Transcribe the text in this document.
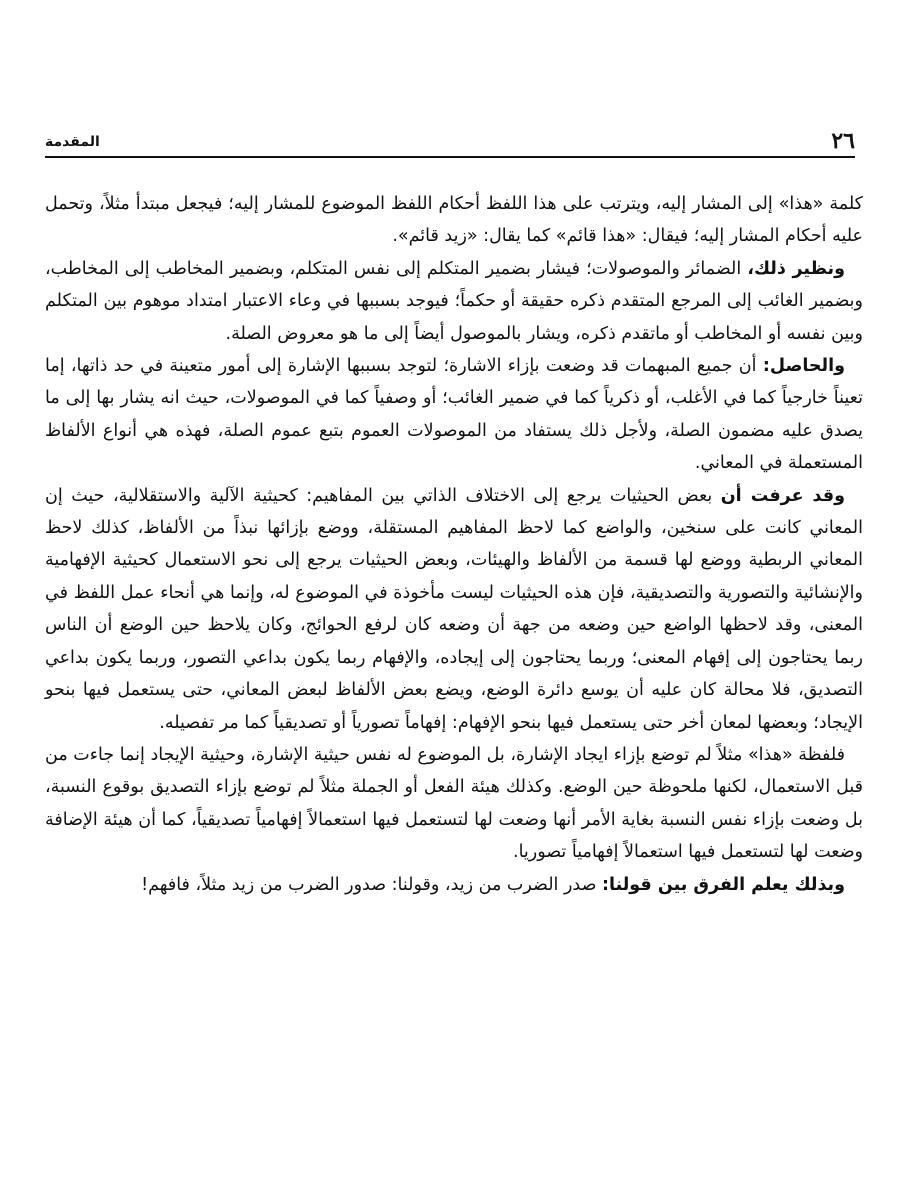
٢٦
المقدمة

كلمة «هذا» إلى المشار إليه، ويترتب على هذا اللفظ أحكام اللفظ الموضوع للمشار إليه؛ فيجعل مبتدأ مثلاً، وتحمل عليه أحكام المشار إليه؛ فيقال: «هذا قائم» كما يقال: «زيد قائم».

ونظير ذلك، الضمائر والموصولات؛ فيشار بضمير المتكلم إلى نفس المتكلم، وبضمير المخاطب إلى المخاطب، وبضمير الغائب إلى المرجع المتقدم ذكره حقيقة أو حكماً؛ فيوجد بسببها في وعاء الاعتبار امتداد موهوم بين المتكلم وبين نفسه أو المخاطب أو ماتقدم ذكره، ويشار بالموصول أيضاً إلى ما هو معروض الصلة.

والحاصل: أن جميع المبهمات قد وضعت بإزاء الاشارة؛ لتوجد بسببها الإشارة إلى أمور متعينة في حد ذاتها، إما تعيناً خارجياً كما في الأغلب، أو ذكرياً كما في ضمير الغائب؛ أو وصفياً كما في الموصولات، حيث انه يشار بها إلى ما يصدق عليه مضمون الصلة، ولأجل ذلك يستفاد من الموصولات العموم بتبع عموم الصلة، فهذه هي أنواع الألفاظ المستعملة في المعاني.

وقد عرفت أن بعض الحيثيات يرجع إلى الاختلاف الذاتي بين المفاهيم: كحيثية الآلية والاستقلالية، حيث إن المعاني كانت على سنخين، والواضع كما لاحظ المفاهيم المستقلة، ووضع بإزائها نبذاً من الألفاظ، كذلك لاحظ المعاني الربطية ووضع لها قسمة من الألفاظ والهيئات، وبعض الحيثيات يرجع إلى نحو الاستعمال كحيثية الإفهامية والإنشائية والتصورية والتصديقية، فإن هذه الحيثيات ليست مأخوذة في الموضوع له، وإنما هي أنحاء عمل اللفظ في المعنى، وقد لاحظها الواضع حين وضعه من جهة أن وضعه كان لرفع الحوائج، وكان يلاحظ حين الوضع أن الناس ربما يحتاجون إلى إفهام المعنى؛ وربما يحتاجون إلى إيجاده، والإفهام ربما يكون بداعي التصور، وربما يكون بداعي التصديق، فلا محالة كان عليه أن يوسع دائرة الوضع، ويضع بعض الألفاظ لبعض المعاني، حتى يستعمل فيها بنحو الإيجاد؛ وبعضها لمعان أخر حتى يستعمل فيها بنحو الإفهام: إفهاماً تصورياً أو تصديقياً كما مر تفصيله.

فلفظة «هذا» مثلاً لم توضع بإزاء ايجاد الإشارة، بل الموضوع له نفس حيثية الإشارة، وحيثية الإيجاد إنما جاءت من قبل الاستعمال، لكنها ملحوظة حين الوضع. وكذلك هيئة الفعل أو الجملة مثلاً لم توضع بإزاء التصديق بوقوع النسبة، بل وضعت بإزاء نفس النسبة بغاية الأمر أنها وضعت لها لتستعمل فيها استعمالاً إفهامياً تصديقياً، كما أن هيئة الإضافة وضعت لها لتستعمل فيها استعمالاً إفهامياً تصوريا.

وبذلك يعلم الفرق بين قولنا: صدر الضرب من زيد، وقولنا: صدور الضرب من زيد مثلاً، فافهم!
